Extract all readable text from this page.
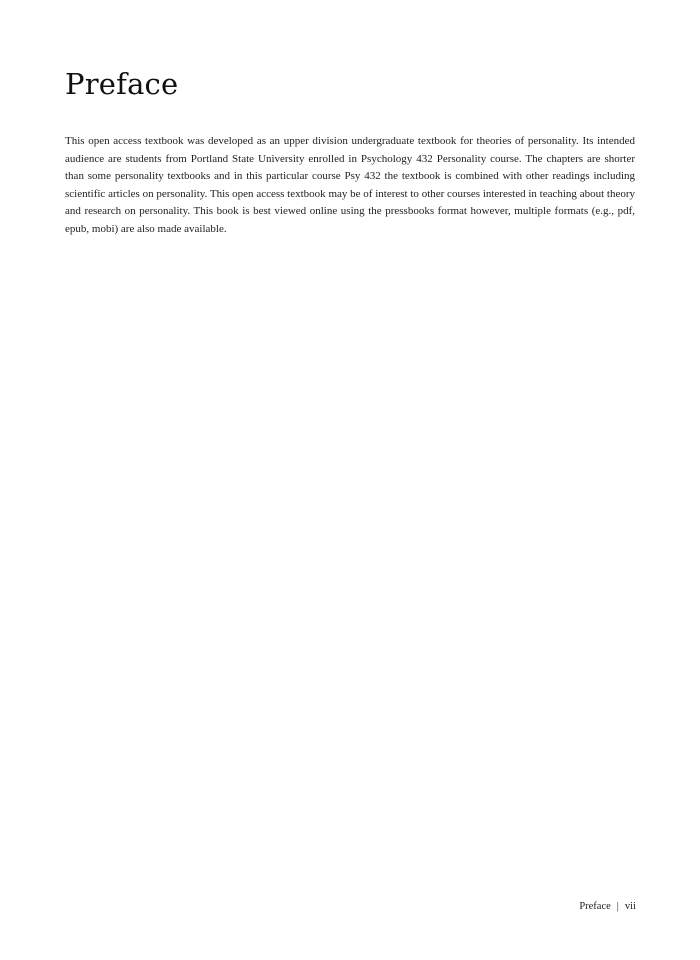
Preface

This open access textbook was developed as an upper division undergraduate textbook for theories of personality. Its intended audience are students from Portland State University enrolled in Psychology 432 Personality course. The chapters are shorter than some personality textbooks and in this particular course Psy 432 the textbook is combined with other readings including scientific articles on personality. This open access textbook may be of interest to other courses interested in teaching about theory and research on personality. This book is best viewed online using the pressbooks format however, multiple formats (e.g., pdf, epub, mobi) are also made available.

Preface | vii
